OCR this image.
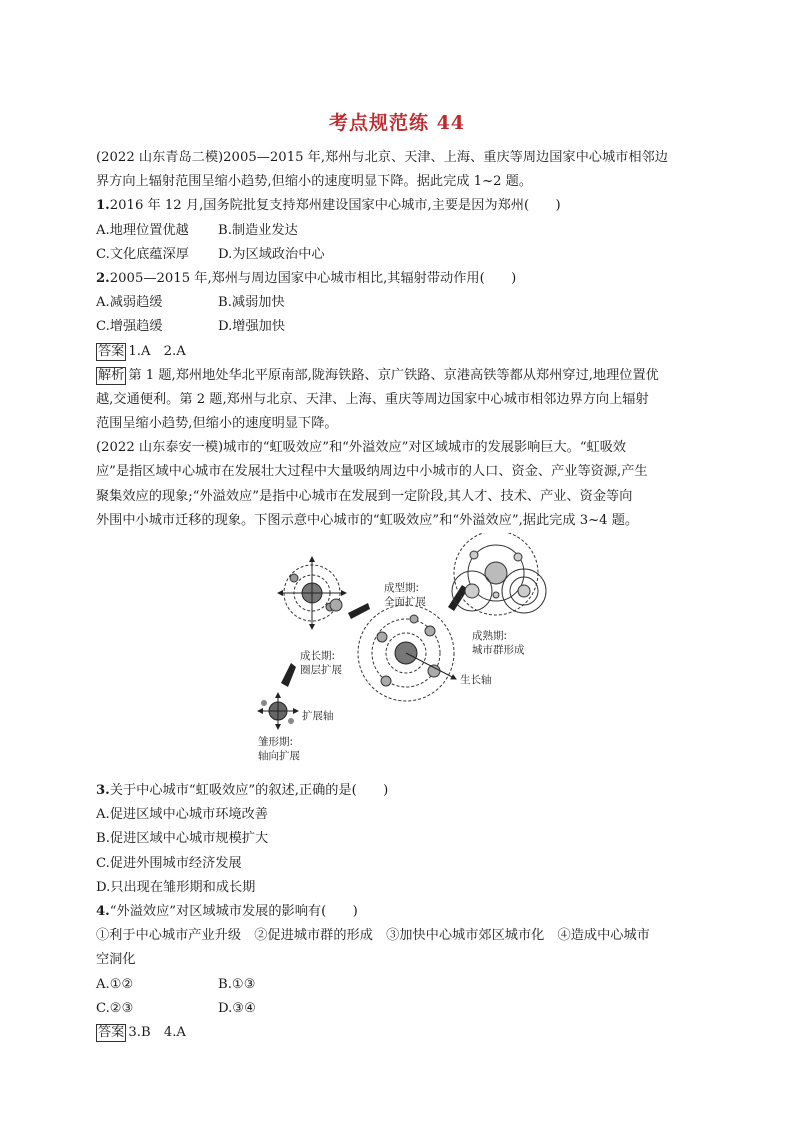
考点规范练 44
(2022 山东青岛二模)2005—2015 年,郑州与北京、天津、上海、重庆等周边国家中心城市相邻边
界方向上辐射范围呈缩小趋势,但缩小的速度明显下降。据此完成 1~2 题。
1.2016 年 12 月,国务院批复支持郑州建设国家中心城市,主要是因为郑州(　　)
A.地理位置优越	B.制造业发达
C.文化底蕴深厚	D.为区域政治中心
2.2005—2015 年,郑州与周边国家中心城市相比,其辐射带动作用(　　)
A.减弱趋缓	B.减弱加快
C.增强趋缓	D.增强加快
答案 1.A　2.A
解析 第 1 题,郑州地处华北平原南部,陇海铁路、京广铁路、京港高铁等都从郑州穿过,地理位置优
越,交通便利。第 2 题,郑州与北京、天津、上海、重庆等周边国家中心城市相邻边界方向上辐射
范围呈缩小趋势,但缩小的速度明显下降。
(2022 山东泰安一模)城市的“虹吸效应”和“外溢效应”对区域城市的发展影响巨大。“虹吸效
应”是指区域中心城市在发展壮大过程中大量吸纳周边中小城市的人口、资金、产业等资源,产生
聚集效应的现象;“外溢效应”是指中心城市在发展到一定阶段,其人才、技术、产业、资金等向
外围中小城市迁移的现象。下图示意中心城市的“虹吸效应”和“外溢效应”,据此完成 3~4 题。
扩展轴
雏形期:
轴向扩展
成长期:
圈层扩展
成型期:
全面扩展
生长轴
成熟期:
城市群形成
3.关于中心城市“虹吸效应”的叙述,正确的是(　　)
A.促进区域中心城市环境改善
B.促进区域中心城市规模扩大
C.促进外围城市经济发展
D.只出现在雏形期和成长期
4.“外溢效应”对区域城市发展的影响有(　　)
①利于中心城市产业升级　②促进城市群的形成　③加快中心城市郊区城市化　④造成中心城市
空洞化
A.①②	B.①③
C.②③	D.③④
答案 3.B　4.A
